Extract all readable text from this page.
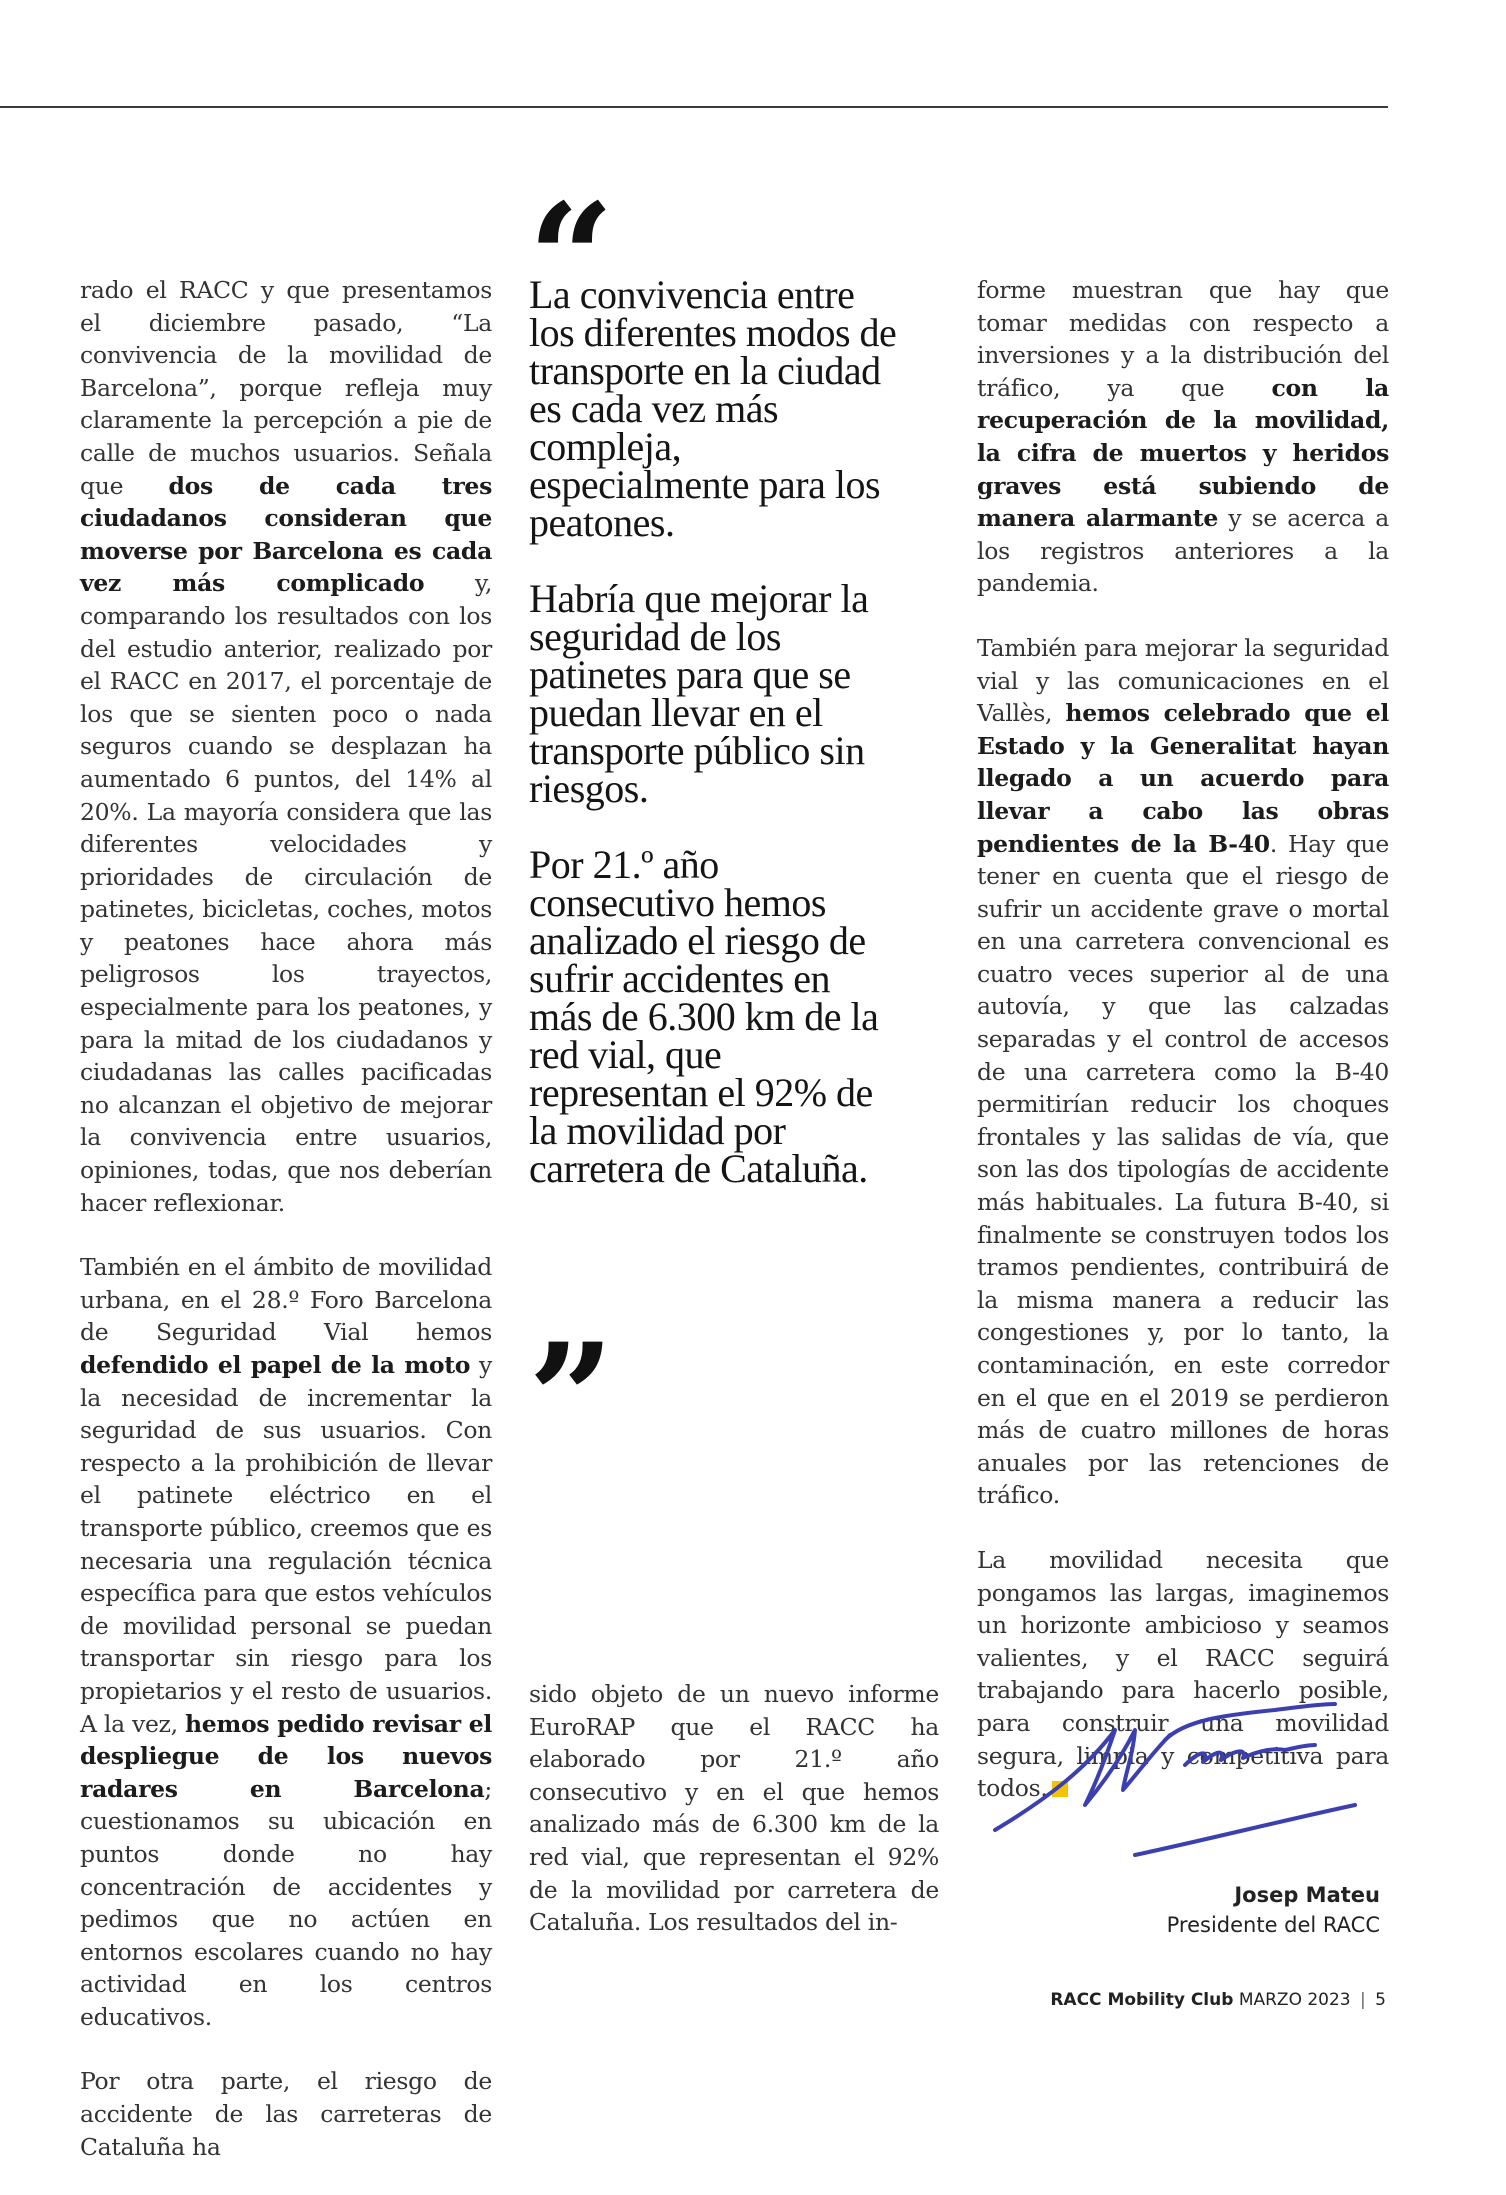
rado el RACC y que presentamos el diciembre pasado, “La convivencia de la movilidad de Barcelona”, porque refleja muy claramente la percepción a pie de calle de muchos usuarios. Señala que dos de cada tres ciudadanos consideran que moverse por Barcelona es cada vez más complicado y, comparando los resultados con los del estudio anterior, realizado por el RACC en 2017, el porcentaje de los que se sienten poco o nada seguros cuando se desplazan ha aumentado 6 puntos, del 14% al 20%. La mayoría considera que las diferentes velocidades y prioridades de circulación de patinetes, bicicletas, coches, motos y peatones hace ahora más peligrosos los trayectos, especialmente para los peatones, y para la mitad de los ciudadanos y ciudadanas las calles pacificadas no alcanzan el objetivo de mejorar la convivencia entre usuarios, opiniones, todas, que nos deberían hacer reflexionar.

También en el ámbito de movilidad urbana, en el 28.º Foro Barcelona de Seguridad Vial hemos defendido el papel de la moto y la necesidad de incrementar la seguridad de sus usuarios. Con respecto a la prohibición de llevar el patinete eléctrico en el transporte público, creemos que es necesaria una regulación técnica específica para que estos vehículos de movilidad personal se puedan transportar sin riesgo para los propietarios y el resto de usuarios. A la vez, hemos pedido revisar el despliegue de los nuevos radares en Barcelona; cuestionamos su ubicación en puntos donde no hay concentración de accidentes y pedimos que no actúen en entornos escolares cuando no hay actividad en los centros educativos.

Por otra parte, el riesgo de accidente de las carreteras de Cataluña ha

“

La convivencia entre los diferentes modos de transporte en la ciudad es cada vez más compleja, especialmente para los peatones.

Habría que mejorar la seguridad de los patinetes para que se puedan llevar en el transporte público sin riesgos.

Por 21.º año consecutivo hemos analizado el riesgo de sufrir accidentes en más de 6.300 km de la red vial, que representan el 92% de la movilidad por carretera de Cataluña.

”

sido objeto de un nuevo informe EuroRAP que el RACC ha elaborado por 21.º año consecutivo y en el que hemos analizado más de 6.300 km de la red vial, que representan el 92% de la movilidad por carretera de Cataluña. Los resultados del in-

forme muestran que hay que tomar medidas con respecto a inversiones y a la distribución del tráfico, ya que con la recuperación de la movilidad, la cifra de muertos y heridos graves está subiendo de manera alarmante y se acerca a los registros anteriores a la pandemia.

También para mejorar la seguridad vial y las comunicaciones en el Vallès, hemos celebrado que el Estado y la Generalitat hayan llegado a un acuerdo para llevar a cabo las obras pendientes de la B-40. Hay que tener en cuenta que el riesgo de sufrir un accidente grave o mortal en una carretera convencional es cuatro veces superior al de una autovía, y que las calzadas separadas y el control de accesos de una carretera como la B-40 permitirían reducir los choques frontales y las salidas de vía, que son las dos tipologías de accidente más habituales. La futura B-40, si finalmente se construyen todos los tramos pendientes, contribuirá de la misma manera a reducir las congestiones y, por lo tanto, la contaminación, en este corredor en el que en el 2019 se perdieron más de cuatro millones de horas anuales por las retenciones de tráfico.

La movilidad necesita que pongamos las largas, imaginemos un horizonte ambicioso y seamos valientes, y el RACC seguirá trabajando para hacerlo posible, para construir una movilidad segura, limpia y competitiva para todos.

Josep Mateu
Presidente del RACC
RACC Mobility Club MARZO 2023 | 5
